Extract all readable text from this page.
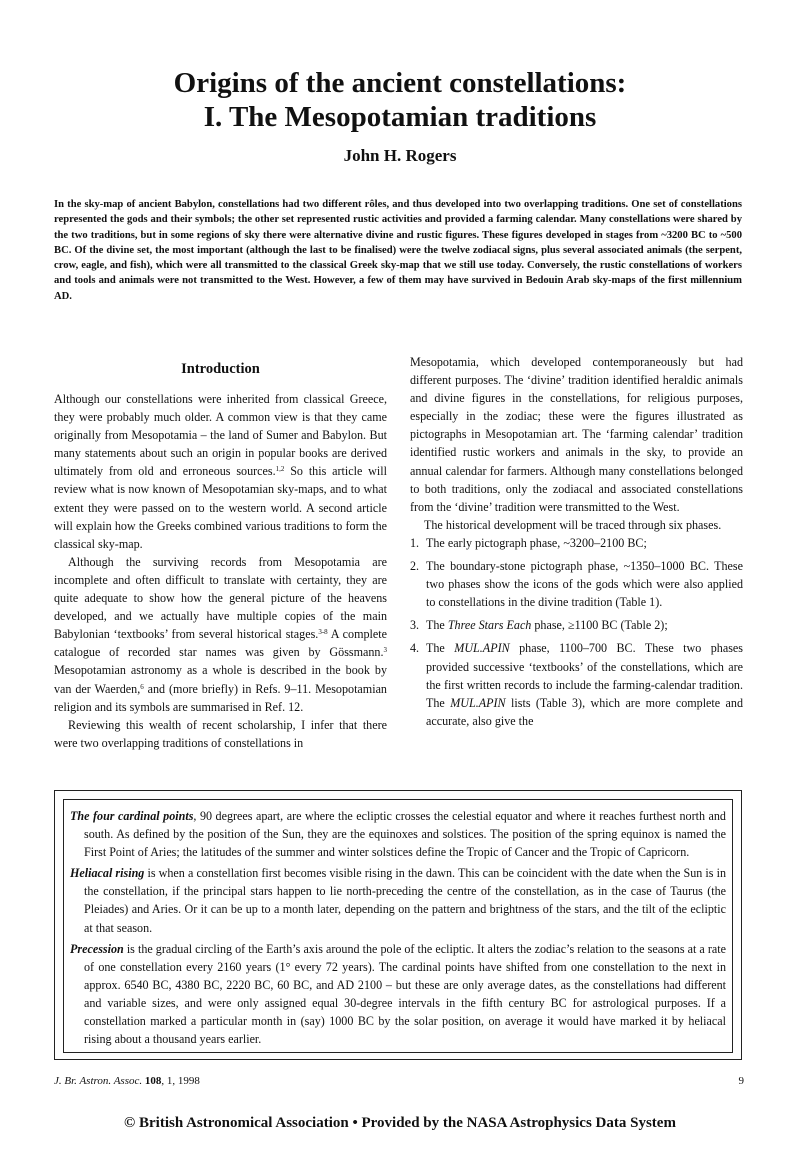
Origins of the ancient constellations:
I. The Mesopotamian traditions
John H. Rogers
In the sky-map of ancient Babylon, constellations had two different rôles, and thus developed into two overlapping traditions. One set of constellations represented the gods and their symbols; the other set represented rustic activities and provided a farming calendar. Many constellations were shared by the two traditions, but in some regions of sky there were alternative divine and rustic figures. These figures developed in stages from ~3200 BC to ~500 BC. Of the divine set, the most important (although the last to be finalised) were the twelve zodiacal signs, plus several associated animals (the serpent, crow, eagle, and fish), which were all transmitted to the classical Greek sky-map that we still use today. Conversely, the rustic constellations of workers and tools and animals were not transmitted to the West. However, a few of them may have survived in Bedouin Arab sky-maps of the first millennium AD.
Introduction

Although our constellations were inherited from classical Greece, they were probably much older. A common view is that they came originally from Mesopotamia – the land of Sumer and Babylon. But many statements about such an origin in popular books are derived ultimately from old and erroneous sources.$^{1,2}$ So this article will review what is now known of Mesopotamian sky-maps, and to what extent they were passed on to the western world. A second article will explain how the Greeks combined various traditions to form the classical sky-map.

Although the surviving records from Mesopotamia are incomplete and often difficult to translate with certainty, they are quite adequate to show how the general picture of the heavens developed, and we actually have multiple copies of the main Babylonian ‘textbooks’ from several historical stages.$^{3-8}$ A complete catalogue of recorded star names was given by Gössmann.$^3$ Mesopotamian astronomy as a whole is described in the book by van der Waerden,$^6$ and (more briefly) in Refs. 9–11. Mesopotamian religion and its symbols are summarised in Ref. 12.

Reviewing this wealth of recent scholarship, I infer that there were two overlapping traditions of constellations in

Mesopotamia, which developed contemporaneously but had different purposes. The ‘divine’ tradition identified heraldic animals and divine figures in the constellations, for religious purposes, especially in the zodiac; these were the figures illustrated as pictographs in Mesopotamian art. The ‘farming calendar’ tradition identified rustic workers and animals in the sky, to provide an annual calendar for farmers. Although many constellations belonged to both traditions, only the zodiacal and associated constellations from the ‘divine’ tradition were transmitted to the West.

The historical development will be traced through six phases.

1. The early pictograph phase, ~3200–2100 BC;
2. The boundary-stone pictograph phase, ~1350–1000 BC. These two phases show the icons of the gods which were also applied to constellations in the divine tradition (Table 1).
3. The Three Stars Each phase, ≥1100 BC (Table 2);
4. The MUL.APIN phase, 1100–700 BC. These two phases provided successive ‘textbooks’ of the constellations, which are the first written records to include the farming-calendar tradition. The MUL.APIN lists (Table 3), which are more complete and accurate, also give the
The four cardinal points, 90 degrees apart, are where the ecliptic crosses the celestial equator and where it reaches furthest north and south. As defined by the position of the Sun, they are the equinoxes and solstices. The position of the spring equinox is named the First Point of Aries; the latitudes of the summer and winter solstices define the Tropic of Cancer and the Tropic of Capricorn.
Heliacal rising is when a constellation first becomes visible rising in the dawn. This can be coincident with the date when the Sun is in the constellation, if the principal stars happen to lie north-preceding the centre of the constellation, as in the case of Taurus (the Pleiades) and Aries. Or it can be up to a month later, depending on the pattern and brightness of the stars, and the tilt of the ecliptic at that season.
Precession is the gradual circling of the Earth’s axis around the pole of the ecliptic. It alters the zodiac’s relation to the seasons at a rate of one constellation every 2160 years (1° every 72 years). The cardinal points have shifted from one constellation to the next in approx. 6540 BC, 4380 BC, 2220 BC, 60 BC, and AD 2100 – but these are only average dates, as the constellations had different and variable sizes, and were only assigned equal 30-degree intervals in the fifth century BC for astrological purposes. If a constellation marked a particular month in (say) 1000 BC by the solar position, on average it would have marked it by heliacal rising about a thousand years earlier.
J. Br. Astron. Assoc. 108, 1, 1998	9
© British Astronomical Association • Provided by the NASA Astrophysics Data System
